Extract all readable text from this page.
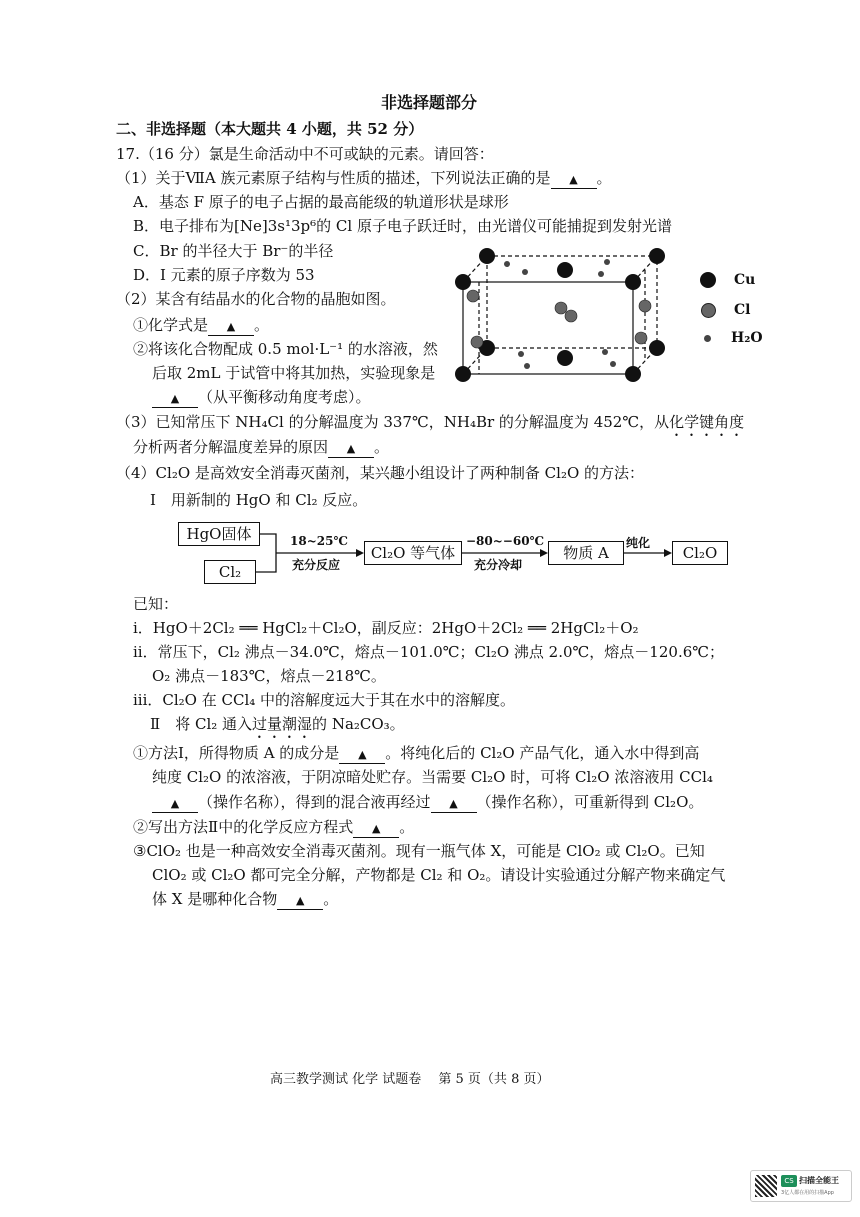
非选择题部分
二、非选择题（本大题共 4 小题，共 52 分）
17.（16 分）氯是生命活动中不可或缺的元素。请回答：
（1）关于ⅦA 族元素原子结构与性质的描述，下列说法正确的是 ▲ 。
A．基态 F 原子的电子占据的最高能级的轨道形状是球形
B．电子排布为[Ne]3s¹3p⁶的 Cl 原子电子跃迁时，由光谱仪可能捕捉到发射光谱
C．Br 的半径大于 Br⁻的半径
D．I 元素的原子序数为 53
（2）某含有结晶水的化合物的晶胞如图。
①化学式是 ▲ 。
②将该化合物配成 0.5 mol·L⁻¹ 的水溶液，然
后取 2mL 于试管中将其加热，实验现象是
▲ （从平衡移动角度考虑）。
Cu
Cl
H₂O
（3）已知常压下 NH₄Cl 的分解温度为 337℃，NH₄Br 的分解温度为 452℃，从化学键角度
分析两者分解温度差异的原因 ▲ 。
（4）Cl₂O 是高效安全消毒灭菌剂，某兴趣小组设计了两种制备 Cl₂O 的方法：
Ⅰ　用新制的 HgO 和 Cl₂ 反应。
HgO固体
Cl₂
18~25℃
充分反应
Cl₂O 等气体
−80~−60℃
充分冷却
物质 A
纯化
Cl₂O
已知：
i．HgO＋2Cl₂ ══ HgCl₂＋Cl₂O，副反应：2HgO＋2Cl₂ ══ 2HgCl₂＋O₂
ii．常压下，Cl₂ 沸点－34.0℃，熔点－101.0℃；Cl₂O 沸点 2.0℃，熔点－120.6℃；
O₂ 沸点－183℃，熔点－218℃。
iii．Cl₂O 在 CCl₄ 中的溶解度远大于其在水中的溶解度。
Ⅱ　将 Cl₂ 通入过量潮湿的 Na₂CO₃。
①方法Ⅰ，所得物质 A 的成分是 ▲ 。将纯化后的 Cl₂O 产品气化，通入水中得到高
纯度 Cl₂O 的浓溶液，于阴凉暗处贮存。当需要 Cl₂O 时，可将 Cl₂O 浓溶液用 CCl₄
▲ （操作名称），得到的混合液再经过 ▲ （操作名称），可重新得到 Cl₂O。
②写出方法Ⅱ中的化学反应方程式 ▲ 。
③ClO₂ 也是一种高效安全消毒灭菌剂。现有一瓶气体 X，可能是 ClO₂ 或 Cl₂O。已知
ClO₂ 或 Cl₂O 都可完全分解，产物都是 Cl₂ 和 O₂。请设计实验通过分解产物来确定气
体 X 是哪种化合物 ▲ 。
高三教学测试 化学 试题卷　 第 5 页（共 8 页）
CS 扫描全能王
3亿人都在用的扫描App
